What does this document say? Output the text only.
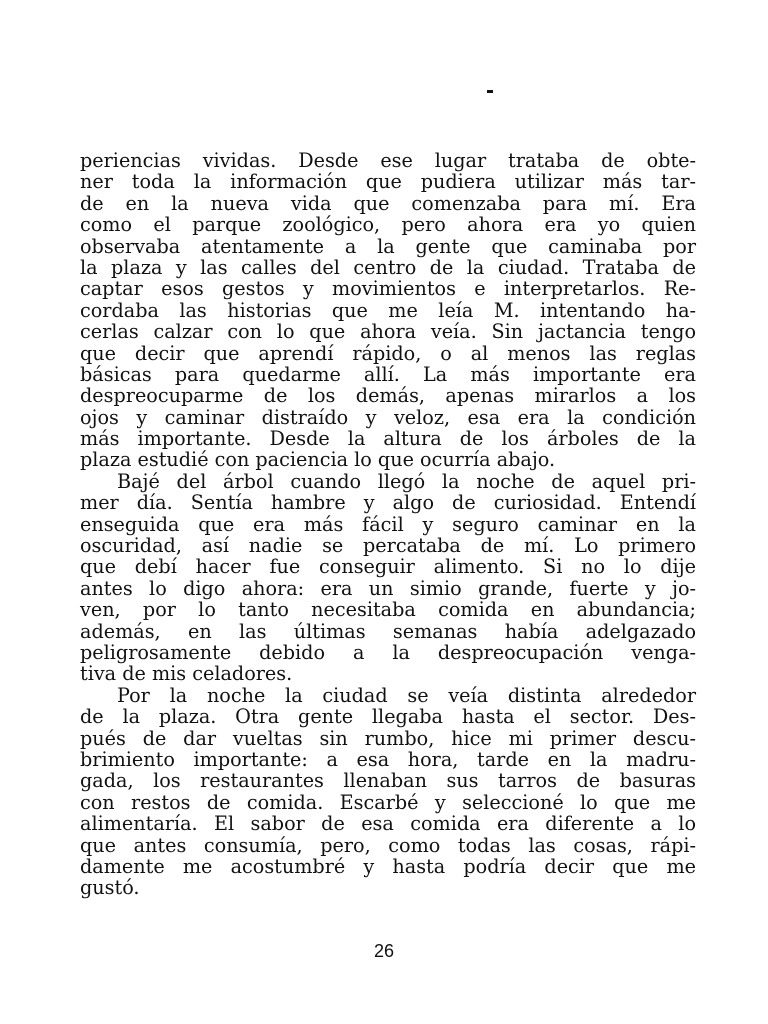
periencias vividas. Desde ese lugar trataba de obte-
ner toda la información que pudiera utilizar más tar-
de en la nueva vida que comenzaba para mí. Era
como el parque zoológico, pero ahora era yo quien
observaba atentamente a la gente que caminaba por
la plaza y las calles del centro de la ciudad. Trataba de
captar esos gestos y movimientos e interpretarlos. Re-
cordaba las historias que me leía M. intentando ha-
cerlas calzar con lo que ahora veía. Sin jactancia tengo
que decir que aprendí rápido, o al menos las reglas
básicas para quedarme allí. La más importante era
despreocuparme de los demás, apenas mirarlos a los
ojos y caminar distraído y veloz, esa era la condición
más importante. Desde la altura de los árboles de la
plaza estudié con paciencia lo que ocurría abajo.
Bajé del árbol cuando llegó la noche de aquel pri-
mer día. Sentía hambre y algo de curiosidad. Entendí
enseguida que era más fácil y seguro caminar en la
oscuridad, así nadie se percataba de mí. Lo primero
que debí hacer fue conseguir alimento. Si no lo dije
antes lo digo ahora: era un simio grande, fuerte y jo-
ven, por lo tanto necesitaba comida en abundancia;
además, en las últimas semanas había adelgazado
peligrosamente debido a la despreocupación venga-
tiva de mis celadores.
Por la noche la ciudad se veía distinta alrededor
de la plaza. Otra gente llegaba hasta el sector. Des-
pués de dar vueltas sin rumbo, hice mi primer descu-
brimiento importante: a esa hora, tarde en la madru-
gada, los restaurantes llenaban sus tarros de basuras
con restos de comida. Escarbé y seleccioné lo que me
alimentaría. El sabor de esa comida era diferente a lo
que antes consumía, pero, como todas las cosas, rápi-
damente me acostumbré y hasta podría decir que me
gustó.
26
